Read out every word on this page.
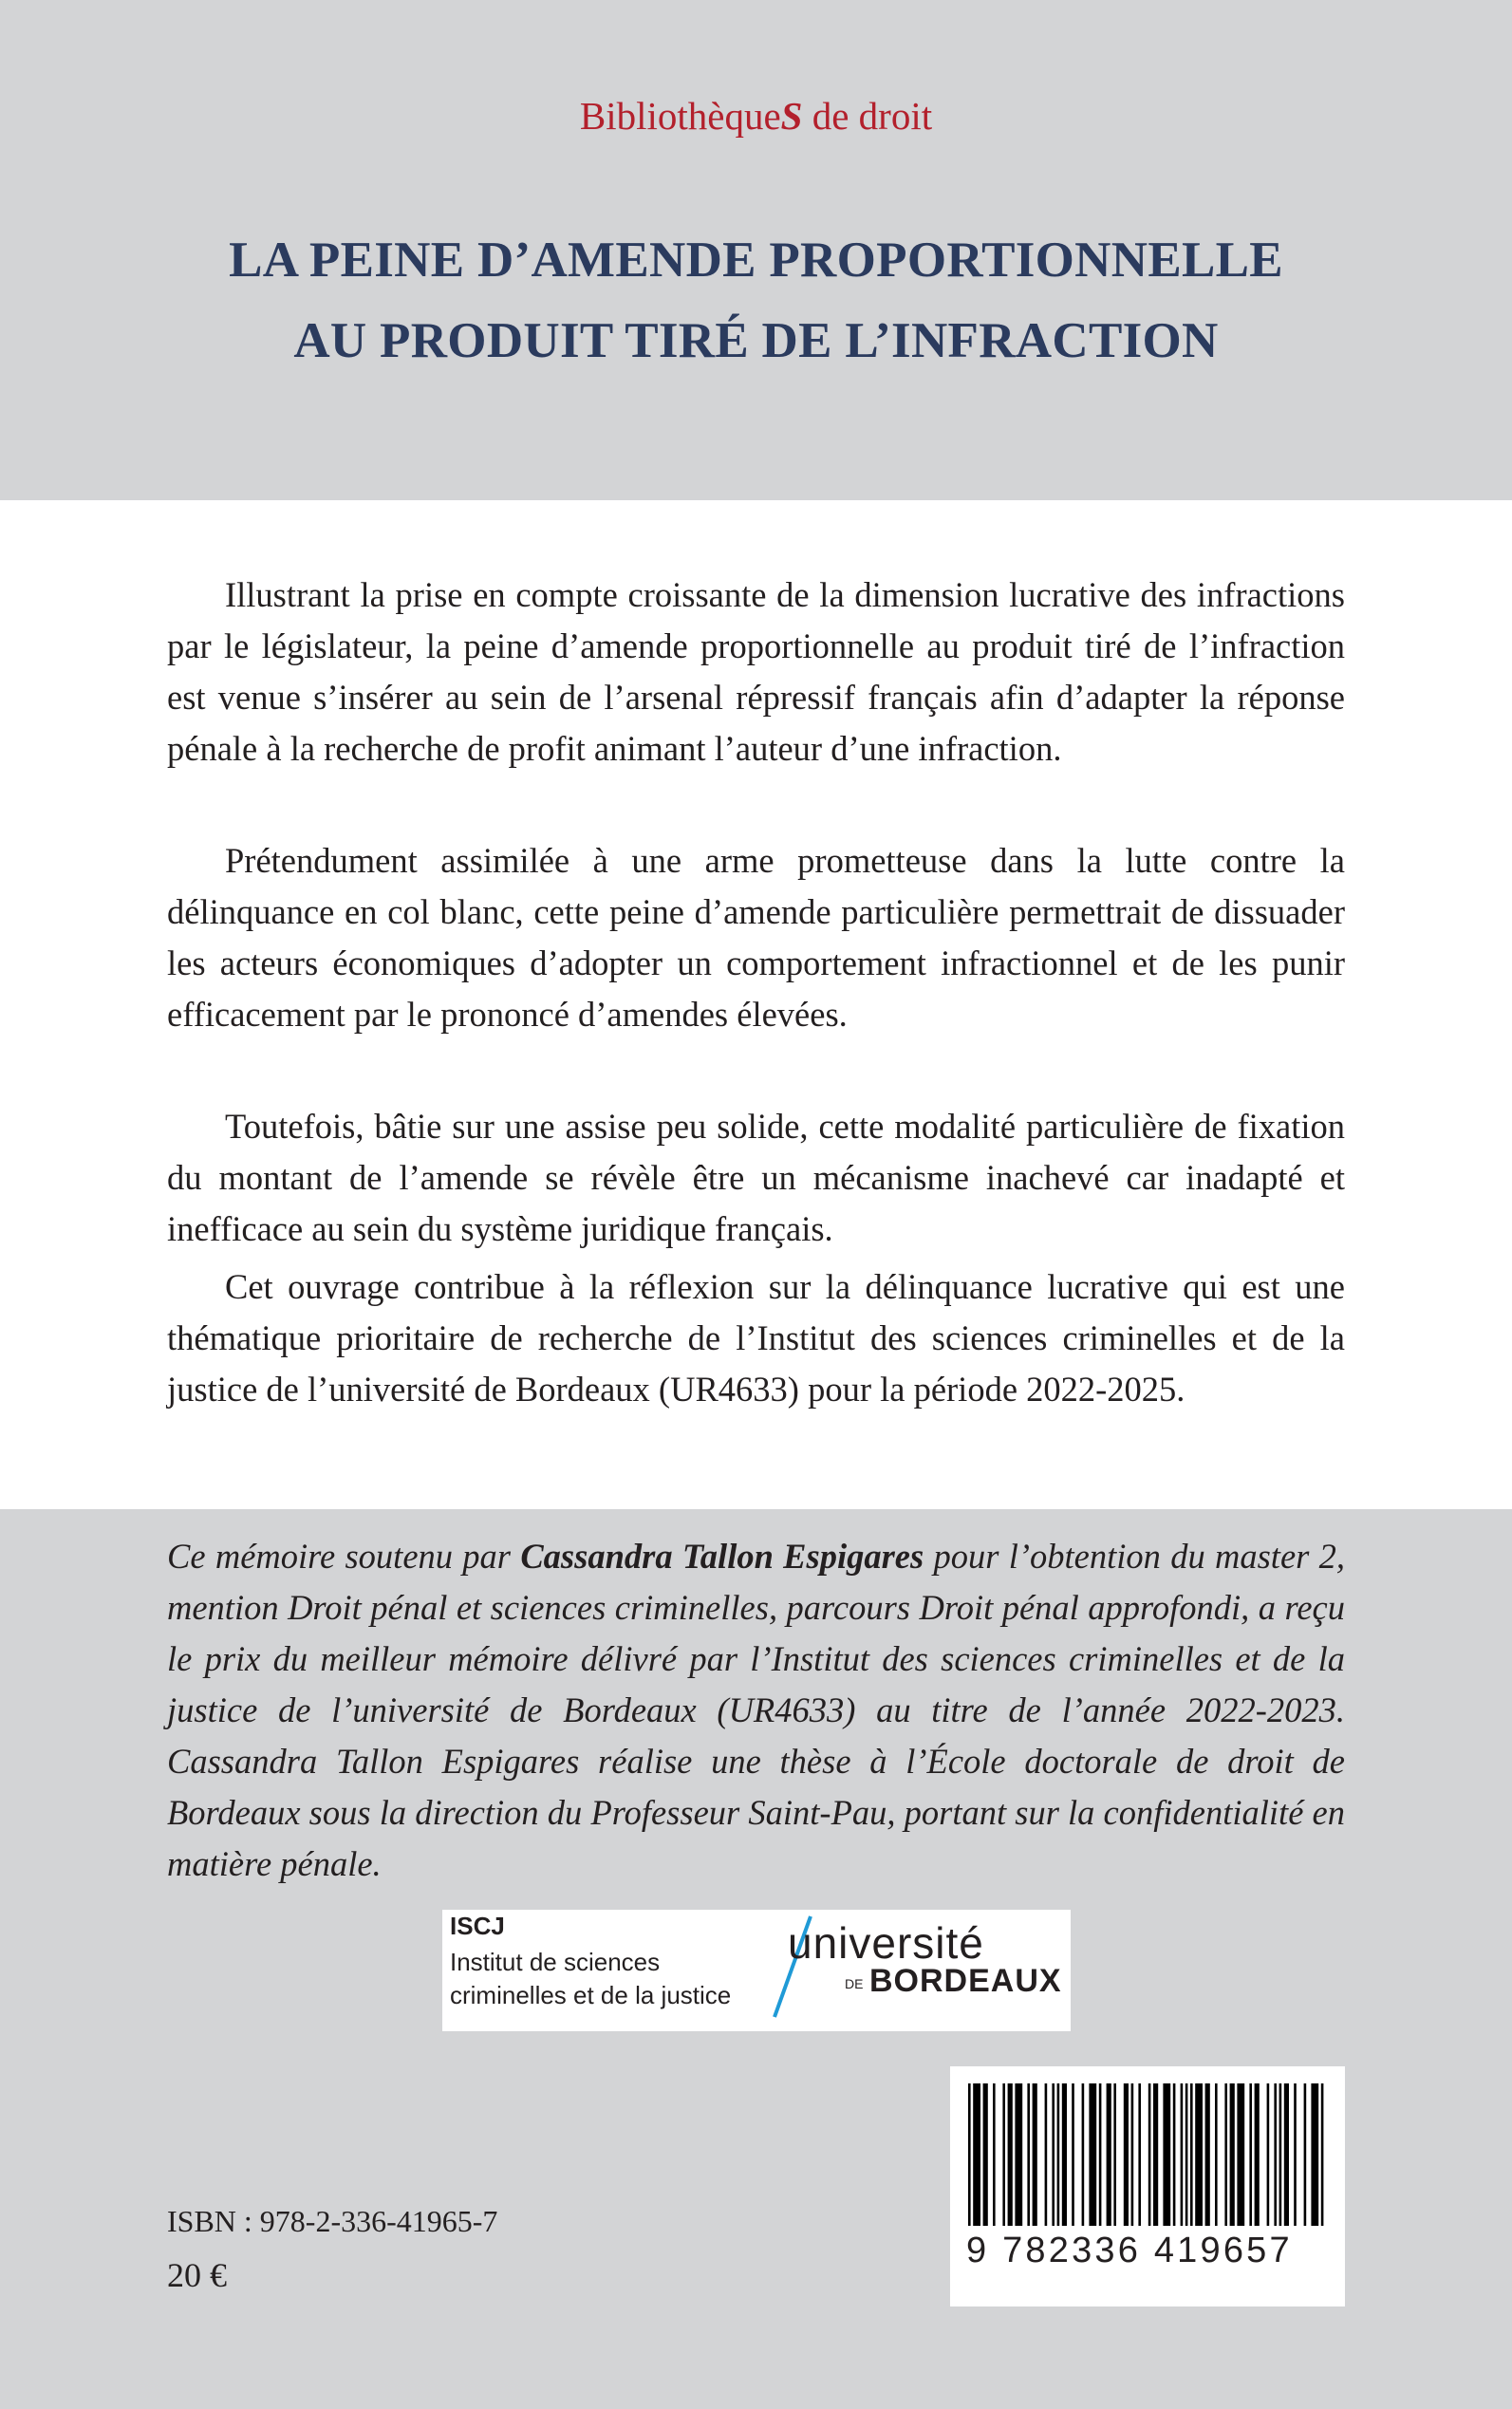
BibliothèqueS de droit
LA PEINE D’AMENDE PROPORTIONNELLE
AU PRODUIT TIRÉ DE L’INFRACTION

Illustrant la prise en compte croissante de la dimension lucrative des infractions par le législateur, la peine d’amende proportionnelle au produit tiré de l’infraction est venue s’insérer au sein de l’arsenal répressif français afin d’adapter la réponse pénale à la recherche de profit animant l’auteur d’une infraction.

Prétendument assimilée à une arme prometteuse dans la lutte contre la délinquance en col blanc, cette peine d’amende particulière permettrait de dissuader les acteurs économiques d’adopter un comportement infractionnel et de les punir efficacement par le prononcé d’amendes élevées.

Toutefois, bâtie sur une assise peu solide, cette modalité particulière de fixation du montant de l’amende se révèle être un mécanisme inachevé car inadapté et inefficace au sein du système juridique français.

Cet ouvrage contribue à la réflexion sur la délinquance lucrative qui est une thématique prioritaire de recherche de l’Institut des sciences criminelles et de la justice de l’université de Bordeaux (UR4633) pour la période 2022-2025.

Ce mémoire soutenu par Cassandra Tallon Espigares pour l’obtention du master 2, mention Droit pénal et sciences criminelles, parcours Droit pénal approfondi, a reçu le prix du meilleur mémoire délivré par l’Institut des sciences criminelles et de la justice de l’université de Bordeaux (UR4633) au titre de l’année 2022-2023. Cassandra Tallon Espigares réalise une thèse à l’École doctorale de droit de Bordeaux sous la direction du Professeur Saint-Pau, portant sur la confidentialité en matière pénale.

ISCJ
Institut de sciences
criminelles et de la justice
université
DE BORDEAUX
ISBN : 978-2-336-41965-7
20 €
9 782336 419657
